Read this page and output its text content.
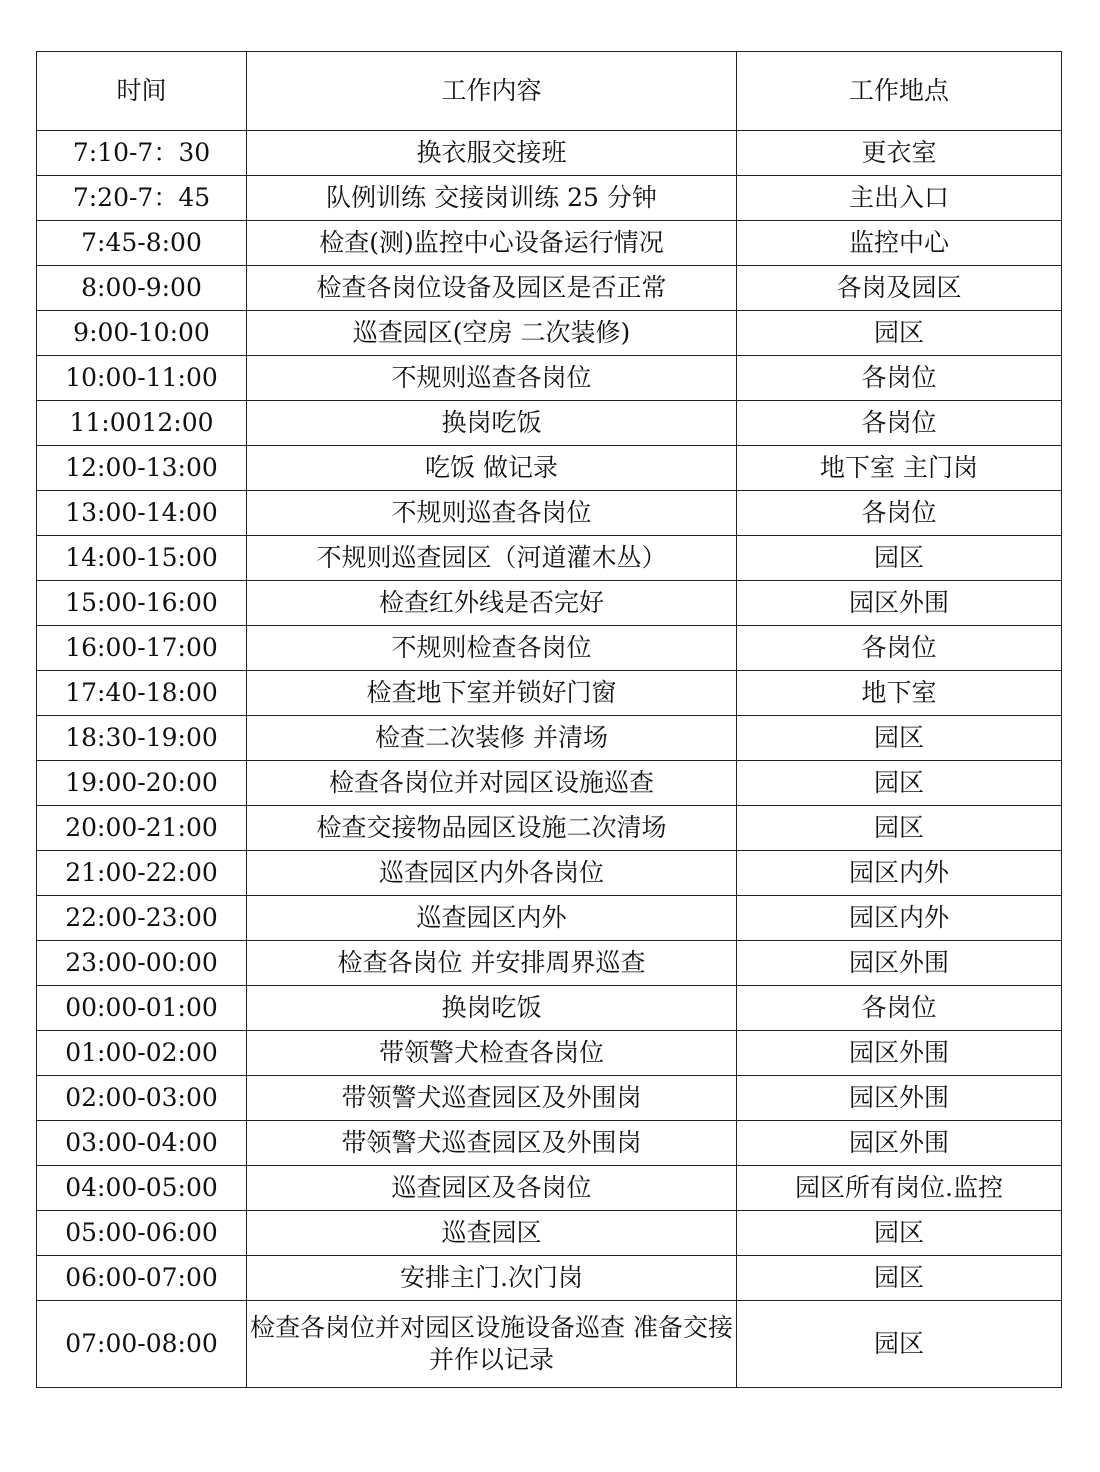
时间	工作内容	工作地点
7:10-7：30	换衣服交接班	更衣室
7:20-7：45	队例训练 交接岗训练 25 分钟	主出入口
7:45-8:00	检查(测)监控中心设备运行情况	监控中心
8:00-9:00	检查各岗位设备及园区是否正常	各岗及园区
9:00-10:00	巡查园区(空房 二次装修)	园区
10:00-11:00	不规则巡查各岗位	各岗位
11:0012:00	换岗吃饭	各岗位
12:00-13:00	吃饭 做记录	地下室 主门岗
13:00-14:00	不规则巡查各岗位	各岗位
14:00-15:00	不规则巡查园区（河道灌木丛）	园区
15:00-16:00	检查红外线是否完好	园区外围
16:00-17:00	不规则检查各岗位	各岗位
17:40-18:00	检查地下室并锁好门窗	地下室
18:30-19:00	检查二次装修 并清场	园区
19:00-20:00	检查各岗位并对园区设施巡查	园区
20:00-21:00	检查交接物品园区设施二次清场	园区
21:00-22:00	巡查园区内外各岗位	园区内外
22:00-23:00	巡查园区内外	园区内外
23:00-00:00	检查各岗位 并安排周界巡查	园区外围
00:00-01:00	换岗吃饭	各岗位
01:00-02:00	带领警犬检查各岗位	园区外围
02:00-03:00	带领警犬巡查园区及外围岗	园区外围
03:00-04:00	带领警犬巡查园区及外围岗	园区外围
04:00-05:00	巡查园区及各岗位	园区所有岗位.监控
05:00-06:00	巡查园区	园区
06:00-07:00	安排主门.次门岗	园区
07:00-08:00	检查各岗位并对园区设施设备巡查 准备交接并作以记录	园区
